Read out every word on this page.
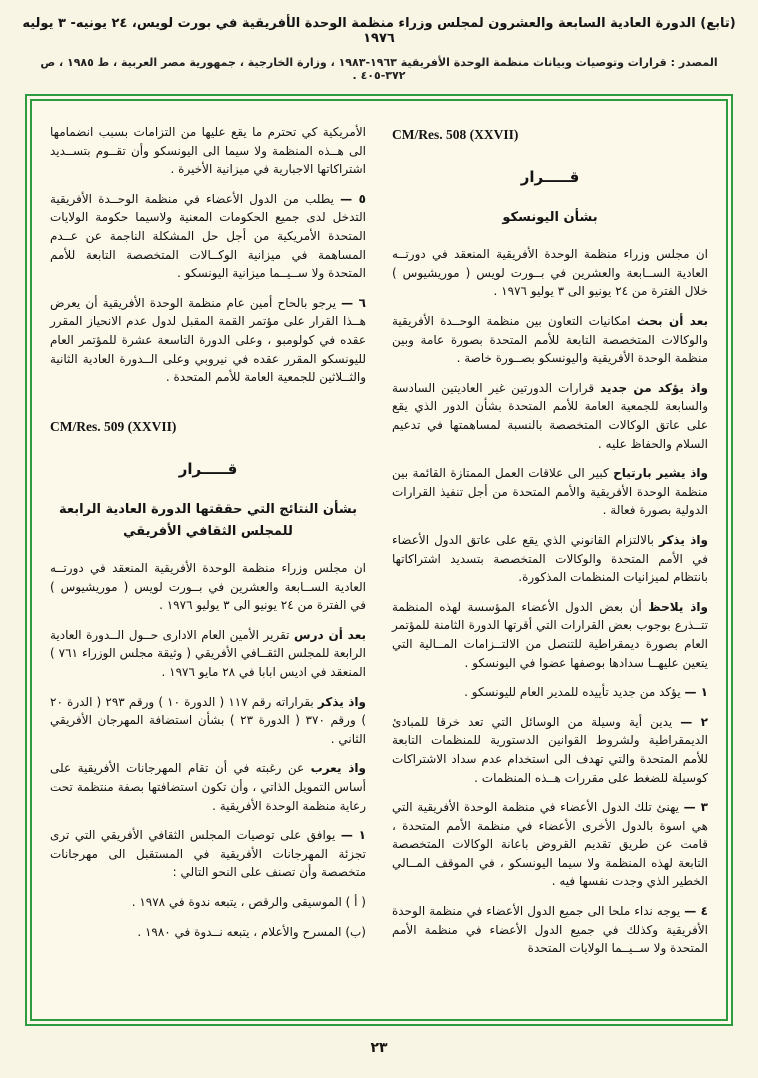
(تابع) الدورة العادية السابعة والعشرون لمجلس وزراء منظمة الوحدة الأفريقية في بورت لويس، ٢٤ يونيه- ٣ يوليه ١٩٧٦

المصدر : قرارات وتوصيات وبيانات منظمة الوحدة الأفريقية ١٩٦٣-١٩٨٣ ، وزارة الخارجية ، جمهورية مصر العربية ، ط ١٩٨٥ ، ص ٣٧٢-٤٠٥ .

CM/Res. 508 (XXVII)

قـــــرار
بشأن اليونسكو

ان مجلس وزراء منظمة الوحدة الأفريقية المنعقد في دورتــه العادية الســابعة والعشرين في بــورت لويس ( موريشيوس ) خلال الفترة من ٢٤ يونيو الى ٣ يوليو ١٩٧٦ .

بعد أن بحث امكانيات التعاون بين منظمة الوحــدة الأفريقية والوكالات المتخصصة التابعة للأمم المتحدة بصورة عامة وبين منظمة الوحدة الأفريقية واليونسكو بصــورة خاصة .

واذ يؤكد من جديد قرارات الدورتين غير العاديتين السادسة والسابعة للجمعية العامة للأمم المتحدة بشأن الدور الذي يقع على عاتق الوكالات المتخصصة بالنسبة لمساهمتها في تدعيم السلام والحفاظ عليه .

واذ يشير بارتياح كبير الى علاقات العمل الممتازة القائمة بين منظمة الوحدة الأفريقية والأمم المتحدة من أجل تنفيذ القرارات الدولية بصورة فعالة .

واذ يذكر بالالتزام القانوني الذي يقع على عاتق الدول الأعضاء في الأمم المتحدة والوكالات المتخصصة بتسديد اشتراكاتها بانتظام لميزانيات المنظمات المذكورة.

واذ يلاحظ أن بعض الدول الأعضاء المؤسسة لهذه المنظمة تتــذرع بوجوب بعض القرارات التي أقرتها الدورة الثامنة للمؤتمر العام بصورة ديمقراطية للتنصل من الالتــزامات المــالية التي يتعين عليهــا سدادها بوصفها عضوا في اليونسكو .

١ — يؤكد من جديد تأييده للمدير العام لليونسكو .

٢ — يدين أية وسيلة من الوسائل التي تعد خرقا للمبادئ الديمقراطية ولشروط القوانين الدستورية للمنظمات التابعة للأمم المتحدة والتي تهدف الى استخدام عدم سداد الاشتراكات كوسيلة للضغط على مقررات هــذه المنظمات .

٣ — يهنئ تلك الدول الأعضاء في منظمة الوحدة الأفريقية التي هي اسوة بالدول الأخرى الأعضاء في منظمة الأمم المتحدة ، قامت عن طريق تقديم القروض باعانة الوكالات المتخصصة التابعة لهذه المنظمة ولا سيما اليونسكو ، في الموقف المــالي الخطير الذي وجدت نفسها فيه .

٤ — يوجه نداء ملحا الى جميع الدول الأعضاء في منظمة الوحدة الأفريقية وكذلك في جميع الدول الأعضاء في منظمة الأمم المتحدة ولا ســيــما الولايات المتحدة

الأمريكية كي تحترم ما يقع عليها من التزامات بسبب انضمامها الى هــذه المنظمة ولا سيما الى اليونسكو وأن تقــوم بتســديد اشتراكاتها الاجبارية في ميزانية الأخيرة .

٥ — يطلب من الدول الأعضاء في منظمة الوحــدة الأفريقية التدخل لدى جميع الحكومات المعنية ولاسيما حكومة الولايات المتحدة الأمريكية من أجل حل المشكلة الناجمة عن عــدم المساهمة في ميزانية الوكــالات المتخصصة التابعة للأمم المتحدة ولا ســيــما ميزانية اليونسكو .

٦ — يرجو بالحاح أمين عام منظمة الوحدة الأفريقية أن يعرض هــذا القرار على مؤتمر القمة المقبل لدول عدم الانحياز المقرر عقده في كولومبو ، وعلى الدورة التاسعة عشرة للمؤتمر العام لليونسكو المقرر عقده في نيروبي وعلى الــدورة العادية الثانية والثــلاثين للجمعية العامة للأمم المتحدة .

CM/Res. 509 (XXVII)

قـــــرار
بشأن النتائج التي حققتها الدورة العادية الرابعة للمجلس الثقافي الأفريقي

ان مجلس وزراء منظمة الوحدة الأفريقية المنعقد في دورتــه العادية الســابعة والعشرين في بــورت لويس ( موريشيوس ) في الفترة من ٢٤ يونيو الى ٣ يوليو ١٩٧٦ .

بعد أن درس تقرير الأمين العام الادارى حــول الــدورة العادية الرابعة للمجلس الثقــافي الأفريقي ( وثيقة مجلس الوزراء ٧٦١ ) المنعقد في اديس ابابا في ٢٨ مايو ١٩٧٦ .

واذ يذكر بقراراته رقم ١١٧ ( الدورة ١٠ ) ورقم ٢٩٣ ( الدرة ٢٠ ) ورقم ٣٧٠ ( الدورة ٢٣ ) بشأن استضافة المهرجان الأفريقي الثاني .

واذ يعرب عن رغبته في أن تقام المهرجانات الأفريقية على أساس التمويل الذاتي ، وأن تكون استضافتها بصفة منتظمة تحت رعاية منظمة الوحدة الأفريقية .

١ — يوافق على توصيات المجلس الثقافي الأفريقي التي ترى تجزئة المهرجانات الأفريقية في المستقبل الى مهرجانات متخصصة وأن تصنف على النحو التالي :

( أ ) الموسيقى والرقص ، يتبعه ندوة في ١٩٧٨ .

(ب) المسرح والأعلام ، يتبعه نــدوة في ١٩٨٠ .

٢٣
